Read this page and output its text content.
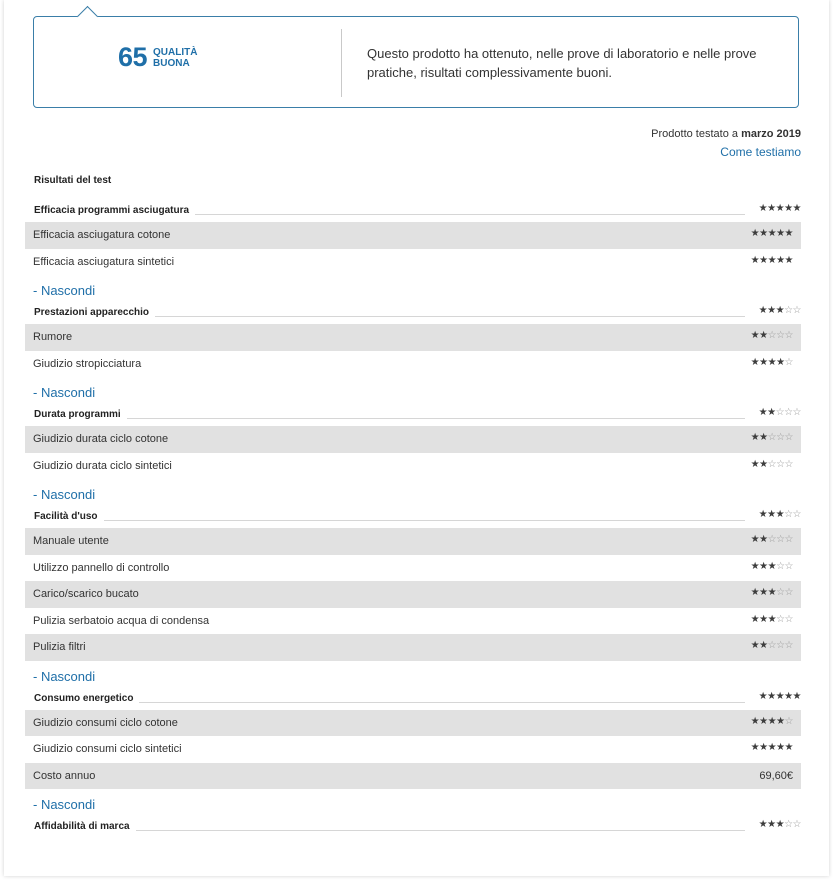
65 QUALITÀ
BUONA
Questo prodotto ha ottenuto, nelle prove di laboratorio e nelle prove pratiche, risultati complessivamente buoni.
Prodotto testato a marzo 2019
Come testiamo
Risultati del test
Efficacia programmi asciugatura	★★★★★
Efficacia asciugatura cotone	★★★★★
Efficacia asciugatura sintetici	★★★★★
- Nascondi
Prestazioni apparecchio	★★★☆☆
Rumore	★★☆☆☆
Giudizio stropicciatura	★★★★☆
- Nascondi
Durata programmi	★★☆☆☆
Giudizio durata ciclo cotone	★★☆☆☆
Giudizio durata ciclo sintetici	★★☆☆☆
- Nascondi
Facilità d'uso	★★★☆☆
Manuale utente	★★☆☆☆
Utilizzo pannello di controllo	★★★☆☆
Carico/scarico bucato	★★★☆☆
Pulizia serbatoio acqua di condensa	★★★☆☆
Pulizia filtri	★★☆☆☆
- Nascondi
Consumo energetico	★★★★★
Giudizio consumi ciclo cotone	★★★★☆
Giudizio consumi ciclo sintetici	★★★★★
Costo annuo	69,60€
- Nascondi
Affidabilità di marca	★★★☆☆
